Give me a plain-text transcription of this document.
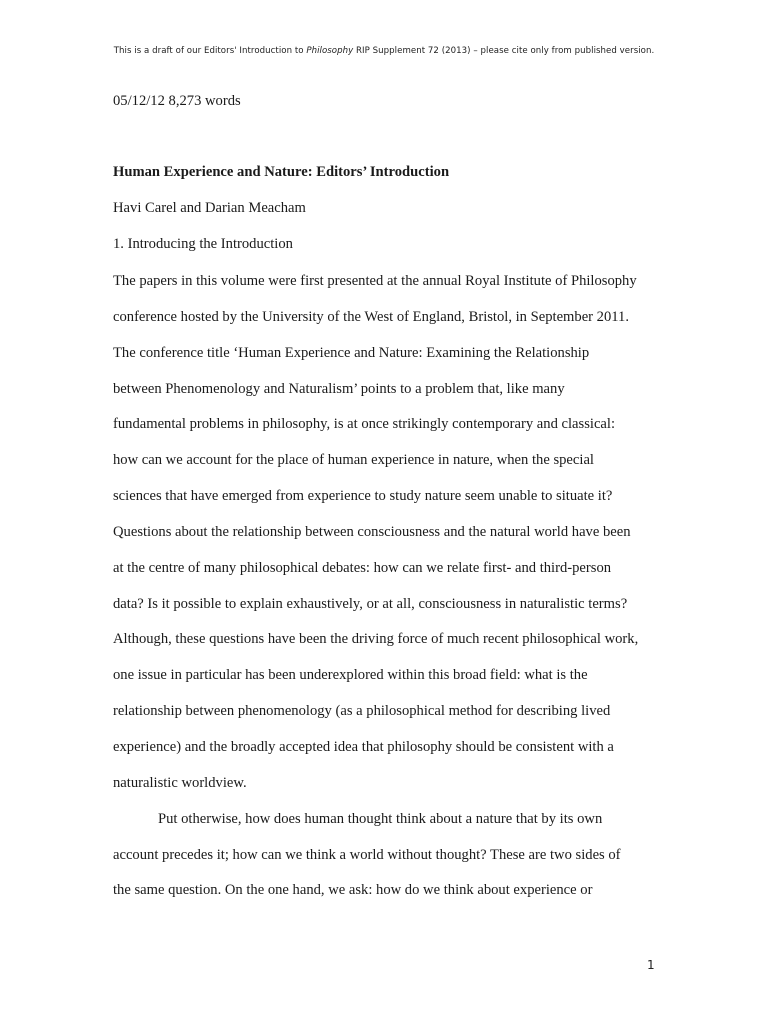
This is a draft of our Editors' Introduction to Philosophy RIP Supplement 72 (2013) – please cite only from published version.
05/12/12 8,273 words
Human Experience and Nature: Editors’ Introduction
Havi Carel and Darian Meacham
1. Introducing the Introduction
The papers in this volume were first presented at the annual Royal Institute of Philosophy
conference hosted by the University of the West of England, Bristol, in September 2011.
The conference title ‘Human Experience and Nature: Examining the Relationship
between Phenomenology and Naturalism’ points to a problem that, like many
fundamental problems in philosophy, is at once strikingly contemporary and classical:
how can we account for the place of human experience in nature, when the special
sciences that have emerged from experience to study nature seem unable to situate it?
Questions about the relationship between consciousness and the natural world have been
at the centre of many philosophical debates: how can we relate first- and third-person
data? Is it possible to explain exhaustively, or at all, consciousness in naturalistic terms?
Although, these questions have been the driving force of much recent philosophical work,
one issue in particular has been underexplored within this broad field: what is the
relationship between phenomenology (as a philosophical method for describing lived
experience) and the broadly accepted idea that philosophy should be consistent with a
naturalistic worldview.
Put otherwise, how does human thought think about a nature that by its own
account precedes it; how can we think a world without thought? These are two sides of
the same question. On the one hand, we ask: how do we think about experience or
1
